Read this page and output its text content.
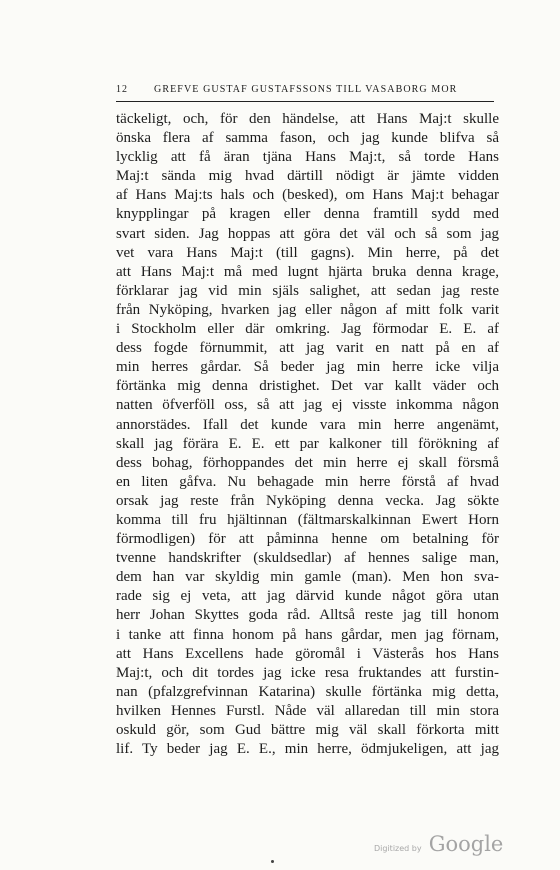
12	GREFVE GUSTAF GUSTAFSSONS TILL VASABORG MOR
täckeligt, och, för den händelse, att Hans Maj:t skulle
önska flera af samma fason, och jag kunde blifva så
lycklig att få äran tjäna Hans Maj:t, så torde Hans
Maj:t sända mig hvad därtill nödigt är jämte vidden
af Hans Maj:ts hals och (besked), om Hans Maj:t behagar
knypplingar på kragen eller denna framtill sydd med
svart siden. Jag hoppas att göra det väl och så som jag
vet vara Hans Maj:t (till gagns). Min herre, på det
att Hans Maj:t må med lugnt hjärta bruka denna krage,
förklarar jag vid min själs salighet, att sedan jag reste
från Nyköping, hvarken jag eller någon af mitt folk varit
i Stockholm eller där omkring. Jag förmodar E. E. af
dess fogde förnummit, att jag varit en natt på en af
min herres gårdar. Så beder jag min herre icke vilja
förtänka mig denna dristighet. Det var kallt väder och
natten öfverföll oss, så att jag ej visste inkomma någon
annorstädes. Ifall det kunde vara min herre angenämt,
skall jag förära E. E. ett par kalkoner till förökning af
dess bohag, förhoppandes det min herre ej skall försmå
en liten gåfva. Nu behagade min herre förstå af hvad
orsak jag reste från Nyköping denna vecka. Jag sökte
komma till fru hjältinnan (fältmarskalkinnan Ewert Horn
förmodligen) för att påminna henne om betalning för
tvenne handskrifter (skuldsedlar) af hennes salige man,
dem han var skyldig min gamle (man). Men hon sva-
rade sig ej veta, att jag därvid kunde något göra utan
herr Johan Skyttes goda råd. Alltså reste jag till honom
i tanke att finna honom på hans gårdar, men jag förnam,
att Hans Excellens hade göromål i Västerås hos Hans
Maj:t, och dit tordes jag icke resa fruktandes att furstin-
nan (pfalzgrefvinnan Katarina) skulle förtänka mig detta,
hvilken Hennes Furstl. Nåde väl allaredan till min stora
oskuld gör, som Gud bättre mig väl skall förkorta mitt
lif. Ty beder jag E. E., min herre, ödmjukeligen, att jag
Digitized by Google
